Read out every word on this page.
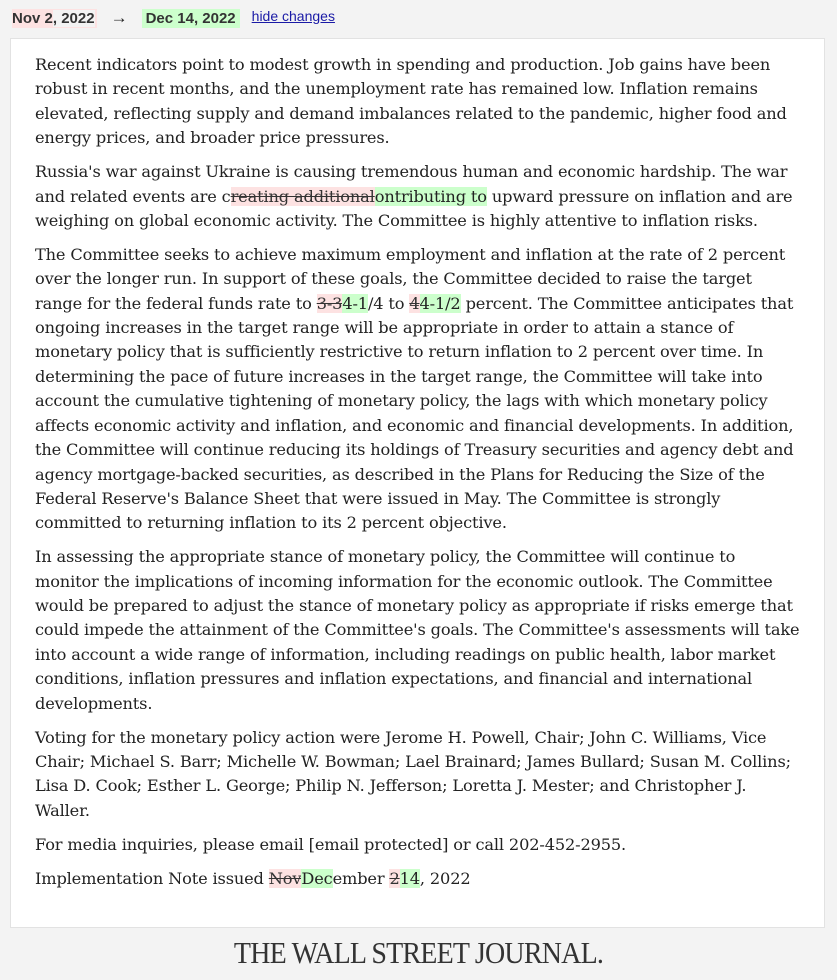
Nov 2, 2022 → Dec 14, 2022 hide changes

Recent indicators point to modest growth in spending and production. Job gains have been robust in recent months, and the unemployment rate has remained low. Inflation remains elevated, reflecting supply and demand imbalances related to the pandemic, higher food and energy prices, and broader price pressures.

Russia's war against Ukraine is causing tremendous human and economic hardship. The war and related events are creating additionalontributing to upward pressure on inflation and are weighing on global economic activity. The Committee is highly attentive to inflation risks.

The Committee seeks to achieve maximum employment and inflation at the rate of 2 percent over the longer run. In support of these goals, the Committee decided to raise the target range for the federal funds rate to 3-34-1/4 to 44-1/2 percent. The Committee anticipates that ongoing increases in the target range will be appropriate in order to attain a stance of monetary policy that is sufficiently restrictive to return inflation to 2 percent over time. In determining the pace of future increases in the target range, the Committee will take into account the cumulative tightening of monetary policy, the lags with which monetary policy affects economic activity and inflation, and economic and financial developments. In addition, the Committee will continue reducing its holdings of Treasury securities and agency debt and agency mortgage-backed securities, as described in the Plans for Reducing the Size of the Federal Reserve's Balance Sheet that were issued in May. The Committee is strongly committed to returning inflation to its 2 percent objective.

In assessing the appropriate stance of monetary policy, the Committee will continue to monitor the implications of incoming information for the economic outlook. The Committee would be prepared to adjust the stance of monetary policy as appropriate if risks emerge that could impede the attainment of the Committee's goals. The Committee's assessments will take into account a wide range of information, including readings on public health, labor market conditions, inflation pressures and inflation expectations, and financial and international developments.

Voting for the monetary policy action were Jerome H. Powell, Chair; John C. Williams, Vice Chair; Michael S. Barr; Michelle W. Bowman; Lael Brainard; James Bullard; Susan M. Collins; Lisa D. Cook; Esther L. George; Philip N. Jefferson; Loretta J. Mester; and Christopher J. Waller.

For media inquiries, please email [email protected] or call 202-452-2955.

Implementation Note issued NovDecember 214, 2022

THE WALL STREET JOURNAL.
